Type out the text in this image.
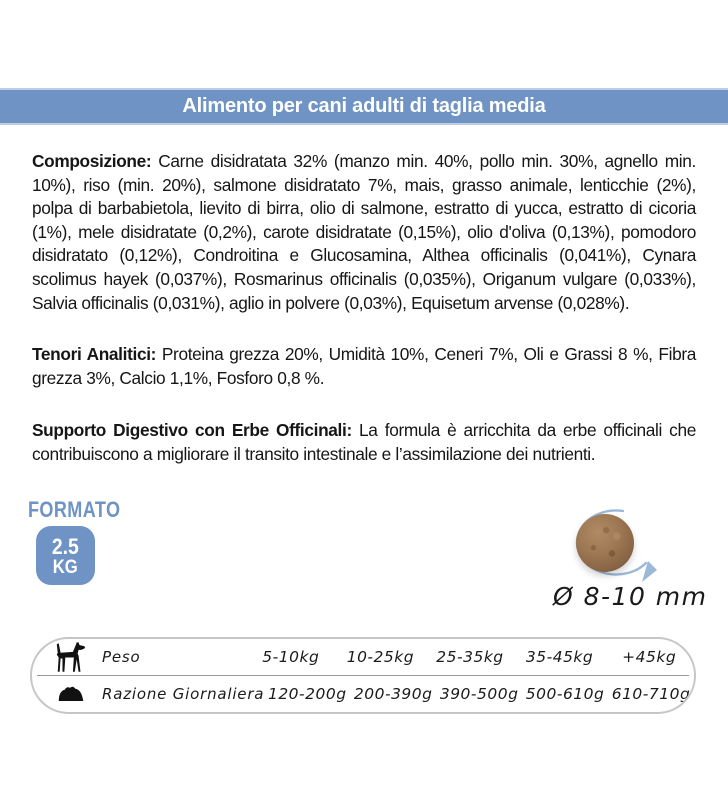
Alimento per cani adulti di taglia media

Composizione: Carne disidratata 32% (manzo min. 40%, pollo min. 30%, agnello min. 10%), riso (min. 20%), salmone disidratato 7%, mais, grasso animale, lenticchie (2%), polpa di barbabietola, lievito di birra, olio di salmone, estratto di yucca, estratto di cicoria (1%), mele disidratate (0,2%), carote disidratate (0,15%), olio d'oliva (0,13%), pomodoro disidratato (0,12%), Condroitina e Glucosamina, Althea officinalis (0,041%), Cynara scolimus hayek (0,037%), Rosmarinus officinalis (0,035%), Origanum vulgare (0,033%), Salvia officinalis (0,031%), aglio in polvere (0,03%), Equisetum arvense (0,028%).

Tenori Analitici: Proteina grezza 20%, Umidità 10%, Ceneri 7%, Oli e Grassi 8 %, Fibra grezza 3%, Calcio 1,1%, Fosforo 0,8 %.

Supporto Digestivo con Erbe Officinali: La formula è arricchita da erbe officinali che contribuiscono a migliorare il transito intestinale e l’assimilazione dei nutrienti.

FORMATO
2.5
KG
Ø 8-10 mm
Peso	5-10kg	10-25kg	25-35kg	35-45kg	+45kg
Razione Giornaliera 120-200g 200-390g 390-500g 500-610g 610-710g
